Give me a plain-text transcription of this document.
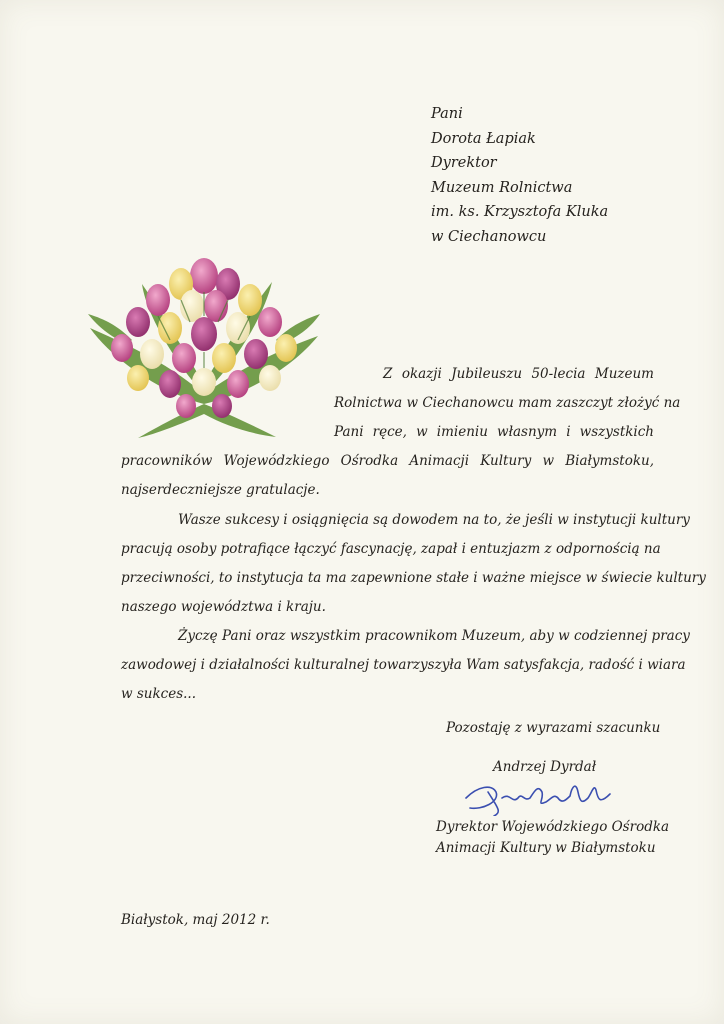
Pani
Dorota Łapiak
Dyrektor
Muzeum Rolnictwa
im. ks. Krzysztofa Kluka
w Ciechanowcu
Z okazji Jubileuszu 50-lecia Muzeum
Rolnictwa w Ciechanowcu mam zaszczyt złożyć na
Pani ręce, w imieniu własnym i wszystkich
pracowników Wojewódzkiego Ośrodka Animacji Kultury w Białymstoku,
najserdeczniejsze gratulacje.
Wasze sukcesy i osiągnięcia są dowodem na to, że jeśli w instytucji kultury
pracują osoby potrafiące łączyć fascynację, zapał i entuzjazm z odpornością na
przeciwności, to instytucja ta ma zapewnione stałe i ważne miejsce w świecie kultury
naszego województwa i kraju.
Życzę Pani oraz wszystkim pracownikom Muzeum, aby w codziennej pracy
zawodowej i działalności kulturalnej towarzyszyła Wam satysfakcja, radość i wiara
w sukces...
Pozostaję z wyrazami szacunku
Andrzej Dyrdał
Dyrektor Wojewódzkiego Ośrodka
Animacji Kultury w Białymstoku
Białystok, maj 2012 r.
